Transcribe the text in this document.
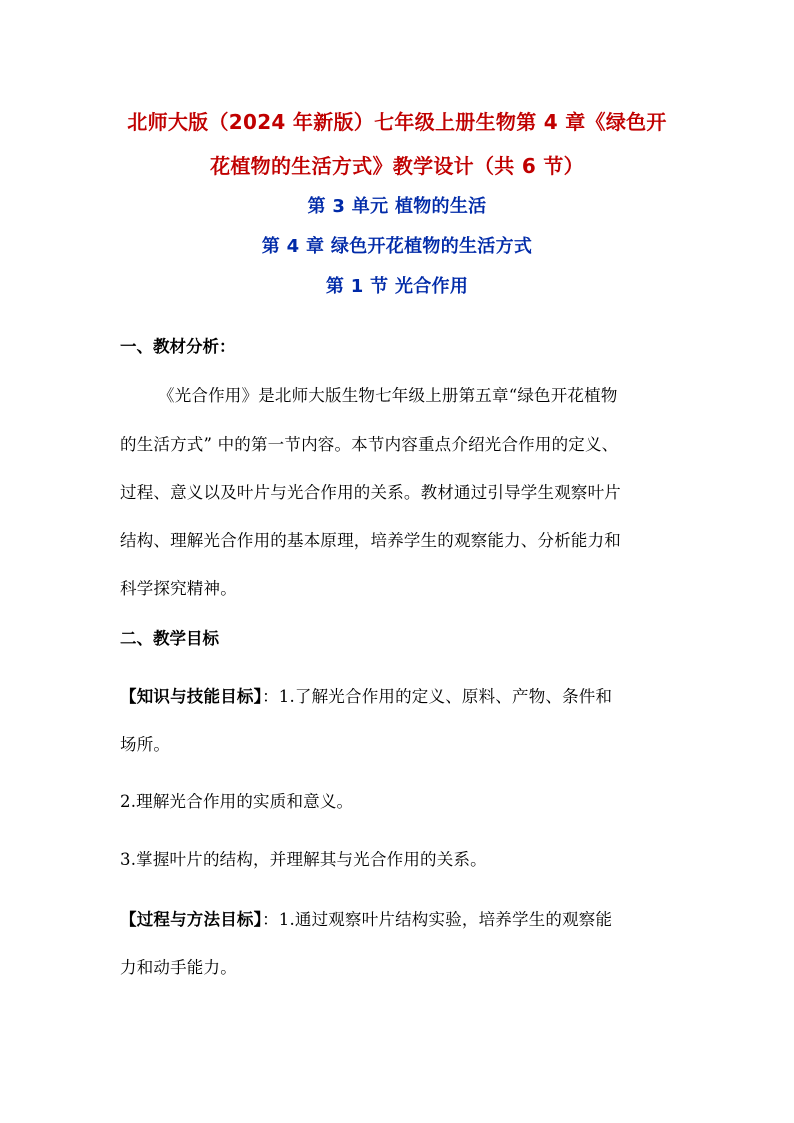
北师大版（2024 年新版）七年级上册生物第 4 章《绿色开
花植物的生活方式》教学设计（共 6 节）
第 3 单元 植物的生活
第 4 章 绿色开花植物的生活方式
第 1 节 光合作用
一、教材分析：
《光合作用》是北师大版生物七年级上册第五章“绿色开花植物
的生活方式” 中的第一节内容。本节内容重点介绍光合作用的定义、
过程、意义以及叶片与光合作用的关系。教材通过引导学生观察叶片
结构、理解光合作用的基本原理，培养学生的观察能力、分析能力和
科学探究精神。
二、教学目标
【知识与技能目标】：1.了解光合作用的定义、原料、产物、条件和
场所。
2.理解光合作用的实质和意义。
3.掌握叶片的结构，并理解其与光合作用的关系。
【过程与方法目标】：1.通过观察叶片结构实验，培养学生的观察能
力和动手能力。
